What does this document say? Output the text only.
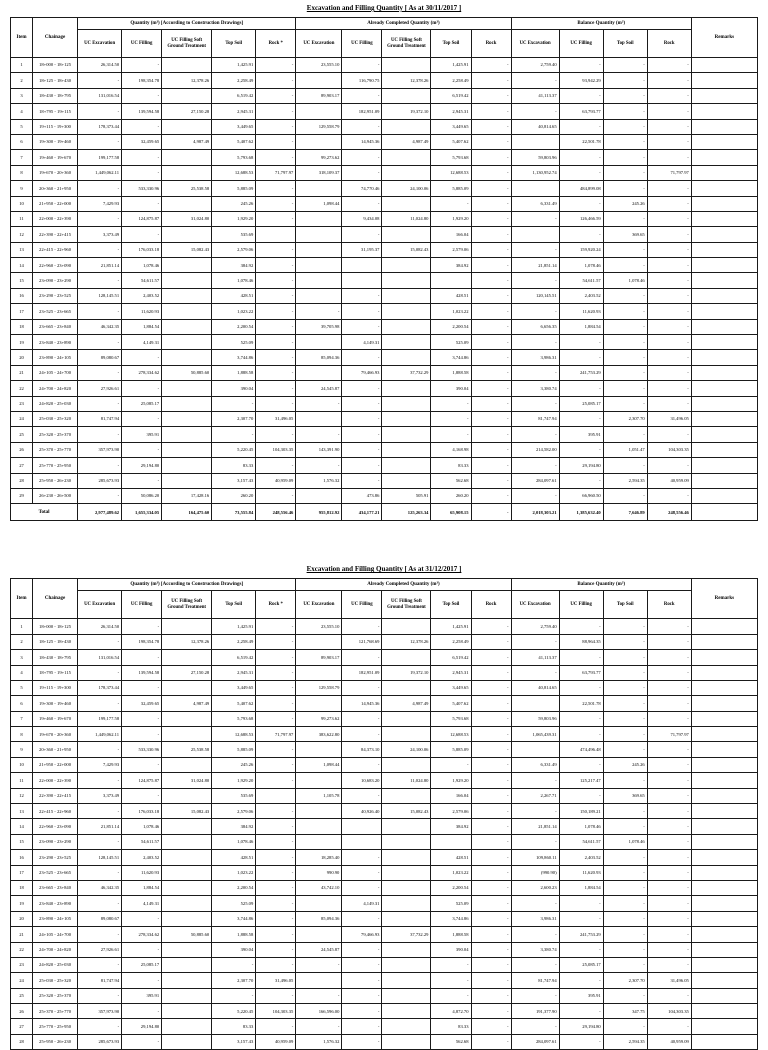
Excavation and Filling Quantity [ As at 30/11/2017 ]
Item	Chainage	Quantity (m³) [According to Construction Drawings]					Already Completed Quantity (m³)					Balance Quantity (m³)				Remarks
		UC Excavation	UC Filling	UC Filling Soft Ground Treatment	Top Soil	Rock *	UC Excavation	UC Filling	UC Filling Soft Ground Treatment	Top Soil	Rock	UC Excavation	UC Filling	Top Soil	Rock	
1	18+000 - 18+125	26,314.50	-		1,425.91	-	23,555.10	-		1,425.91	-	2,759.40	-	-	-	
2	18+125 - 18+430	-	198,354.78	12,378.26	2,258.49	-		116,790.75	12,378.26	2,258.49	-	-	93,942.29	-	-	
3	18+430 - 18+795	131,016.54	-		6,519.42	-	89,903.17	-		6,519.42	-	41,113.37	-	-	-	
4	18+795 - 19+115	-	139,594.58	27,150.28	2,945.31	-		182,951.09	19,372.10	2,945.31	-	-	63,793.77	-	-	
5	19+115 - 19+300	178,373.44	-		3,449.65	-	129,558.79	-		3,449.65	-	40,814.65	-	-	-	
6	19+300 - 19+460	-	32,459.65	4,987.49	5,407.62	-		14,945.36	4,987.49	5,407.62	-		22,501.78	-	-	
7	19+460 - 19+670	199,177.58	-		5,793.68	-	99,273.62	-		5,793.68	-	59,803.96	-	-	-	
8	19+670 - 20+360	1,449,062.11	-		12,688.53	71,797.97	318,109.37	-		12,688.53	-	1,130,952.74	-	-	71,797.97	
9	20+360 - 21+950	-	533,330.96	25,538.58	5,885.09	-		74,770.46	24,100.06	5,885.09	-		484,899.08	-	-	
10	21+950 - 22+000	7,429.93	-		245.26	-	1,098.44	-		-	-	6,331.49	-	245.26	-	
11	22+000 - 22+390	-	124,875.87	31,024.80	1,929.20	-		9,434.08	11,024.80	1,929.20	-	-	126,466.59	-	-	
12	22+390 - 22+415	3,373.49	-		535.69			-		166.04	-		-	369.65	-	
13	22+415 - 22+960	-	176,033.18	15,082.43	2,579.06	-		31,195.37	15,082.43	2,579.06	-	-	159,920.24	-	-	
14	22+960 - 23+090	21,851.14	1,078.46		384.92	-				384.92	-	21,851.14	1,078.46	-	-	
15	23+090 - 23+290	-	54,611.57		1,078.46	-					-	-	54,611.57	1,078.46	-	
16	23+290 - 23+525	128,145.51	2,403.52		428.51	-		-		428.51	-	120,145.51	2,403.52	-	-	
17	23+525 - 23+665	-	11,620.93		1,023.22	-	-	-		1,023.22	-	-	11,620.93	-	-	
18	23+665 - 23+840	46,342.35	1,884.54		2,200.54	-	39,705.98	-		2,200.54	-	6,656.35	1,884.54	-	-	
19	23+840 - 23+890	-	4,149.31		525.09	-		4,149.31		525.09	-	-	-	-	-	
20	23+890 - 24+105	89,080.67	-		3,744.86	-	85,094.36	-		3,744.86	-	3,986.31	-	-	-	
21	24+105 - 24+700	-	278,334.62	50,885.60	1,888.58	-		79,466.93	37,732.29	1,888.58	-	-	241,753.29	-	-	
22	24+700 - 24+820	27,926.61	-		390.04	-	24,545.87	-		390.04	-	3,380.74	-	-	-	
23	24+820 - 25+030	-	25,085.17		-	-	-	-		-	-	-	25,085.17	-	-	
24	25+030 - 25+320	81,747.94	-		2,307.70	31,496.05		-		-	-	81,747.94	-	2,307.70	31,496.05	
25	25+320 - 25+370	-	395.91		-	-	-	-		-	-	-	395.91	-	-	
26	25+370 - 25+770	357,973.90	-		5,220.45	104,303.35	143,391.90	-		4,168.98	-	214,582.00	-	1,051.47	104,303.35	
27	25+770 - 25+950	-	29,194.80		83.33	-	-	-		83.33	-	-	29,194.80	-	-	
28	25+950 - 26+230	285,673.93	-		3,157.43	40,959.09	1,576.32	-		562.68	-	284,097.61	-	2,594.35	40,959.09	
29	26+230 - 26+500	-	50,086.20	17,428.16	260.20	-		473.86	505.91	260.20	-	-	66,960.50	-	-	
Total		2,977,489.62	1,655,334.05	164,475.60	73,555.84	248,556.46	955,812.92	434,177.21	125,263.34	65,908.15	-	2,018,303.21	1,385,632.40	7,646.89	248,556.46	
Excavation and Filling Quantity [ As at 31/12/2017 ]
Item	Chainage	Quantity (m³) [According to Construction Drawings]					Already Completed Quantity (m³)					Balance Quantity (m³)				Remarks
		UC Excavation	UC Filling	UC Filling Soft Ground Treatment	Top Soil	Rock *	UC Excavation	UC Filling	UC Filling Soft Ground Treatment	Top Soil	Rock	UC Excavation	UC Filling	Top Soil	Rock	
1	18+000 - 18+125	26,314.50	-		1,425.91	-	23,555.10	-		1,425.91	-	2,759.40	-	-	-	
2	18+125 - 18+430	-	198,354.78	12,378.26	2,258.49	-		121,768.69	12,378.26	2,258.49	-	-	88,964.35	-	-	
3	18+430 - 18+795	131,016.54	-		6,519.42	-	89,903.17	-		6,519.42	-	41,113.37	-	-	-	
4	18+795 - 19+115	-	139,594.58	27,150.28	2,945.31	-		182,951.09	19,372.10	2,945.31	-	-	63,793.77	-	-	
5	19+115 - 19+300	178,373.44	-		3,449.65	-	129,558.79	-		3,449.65	-	40,814.65	-	-	-	
6	19+300 - 19+460	-	32,459.65	4,987.49	5,407.62	-		14,945.36	4,987.49	5,407.62	-		22,501.78	-	-	
7	19+460 - 19+670	199,177.58	-		5,793.68	-	99,273.62	-		5,793.68	-	59,803.96	-	-	-	
8	19+670 - 20+360	1,449,062.11	-		12,688.53	71,797.97	383,622.80	-		12,688.53	-	1,065,439.31	-	-	71,797.97	
9	20+360 - 21+950	-	533,330.96	25,538.58	5,885.09	-		84,373.10	24,100.06	5,885.09	-		474,496.48	-	-	
10	21+950 - 22+000	7,429.93	-		245.26	-	1,098.44	-		-	-	6,331.49	-	245.26	-	
11	22+000 - 22+390	-	124,875.87	31,024.80	1,929.20	-		10,683.20	11,024.80	1,929.20	-	-	125,217.47	-	-	
12	22+390 - 22+415	3,373.49	-		535.69		1,105.78	-		166.04	-	2,267.71	-	369.65	-	
13	22+415 - 22+960	-	176,033.18	15,082.43	2,579.06	-		40,926.40	15,082.43	2,579.06	-	-	150,189.21	-	-	
14	22+960 - 23+090	21,851.14	1,078.46		384.92	-				384.92	-	21,851.14	1,078.46	-	-	
15	23+090 - 23+290	-	54,611.57		1,078.46	-					-	-	54,611.57	1,078.46	-	
16	23+290 - 23+525	128,145.51	2,403.52		428.51	-	18,285.40	-		428.51	-	109,860.11	2,403.52	-	-	
17	23+525 - 23+665	-	11,620.93		1,023.22	-	990.90	-		1,023.22	-	(990.90)	11,620.93	-	-	
18	23+665 - 23+840	46,342.35	1,884.54		2,200.54	-	43,742.10	-		2,200.54	-	2,600.23	1,884.54	-	-	
19	23+840 - 23+890	-	4,149.31		525.09	-		4,149.31		525.09	-	-	-	-	-	
20	23+890 - 24+105	89,080.67	-		3,744.86	-	85,094.36	-		3,744.86	-	3,986.31	-	-	-	
21	24+105 - 24+700	-	278,334.62	50,885.60	1,888.58	-		79,466.93	37,732.29	1,888.58	-	-	241,753.29	-	-	
22	24+700 - 24+820	27,926.61	-		390.04	-	24,545.87	-		390.04	-	3,380.74	-	-	-	
23	24+820 - 25+030	-	25,085.17		-	-	-	-		-	-	-	25,085.17	-	-	
24	25+030 - 25+320	81,747.94	-		2,307.70	31,496.05		-		-	-	81,747.94	-	2,307.70	31,496.05	
25	25+320 - 25+370	-	395.91		-	-	-	-		-	-	-	395.91	-	-	
26	25+370 - 25+770	357,973.90	-		5,220.45	104,303.35	166,596.00	-		4,872.70	-	191,377.90	-	347.75	104,303.35	
27	25+770 - 25+950	-	29,194.80		83.33	-	-	-		83.33	-	-	29,194.80	-	-	
28	25+950 - 26+230	285,673.93	-		3,157.43	40,959.09	1,576.32	-		562.68	-	284,097.61	-	2,594.35	40,959.09	
